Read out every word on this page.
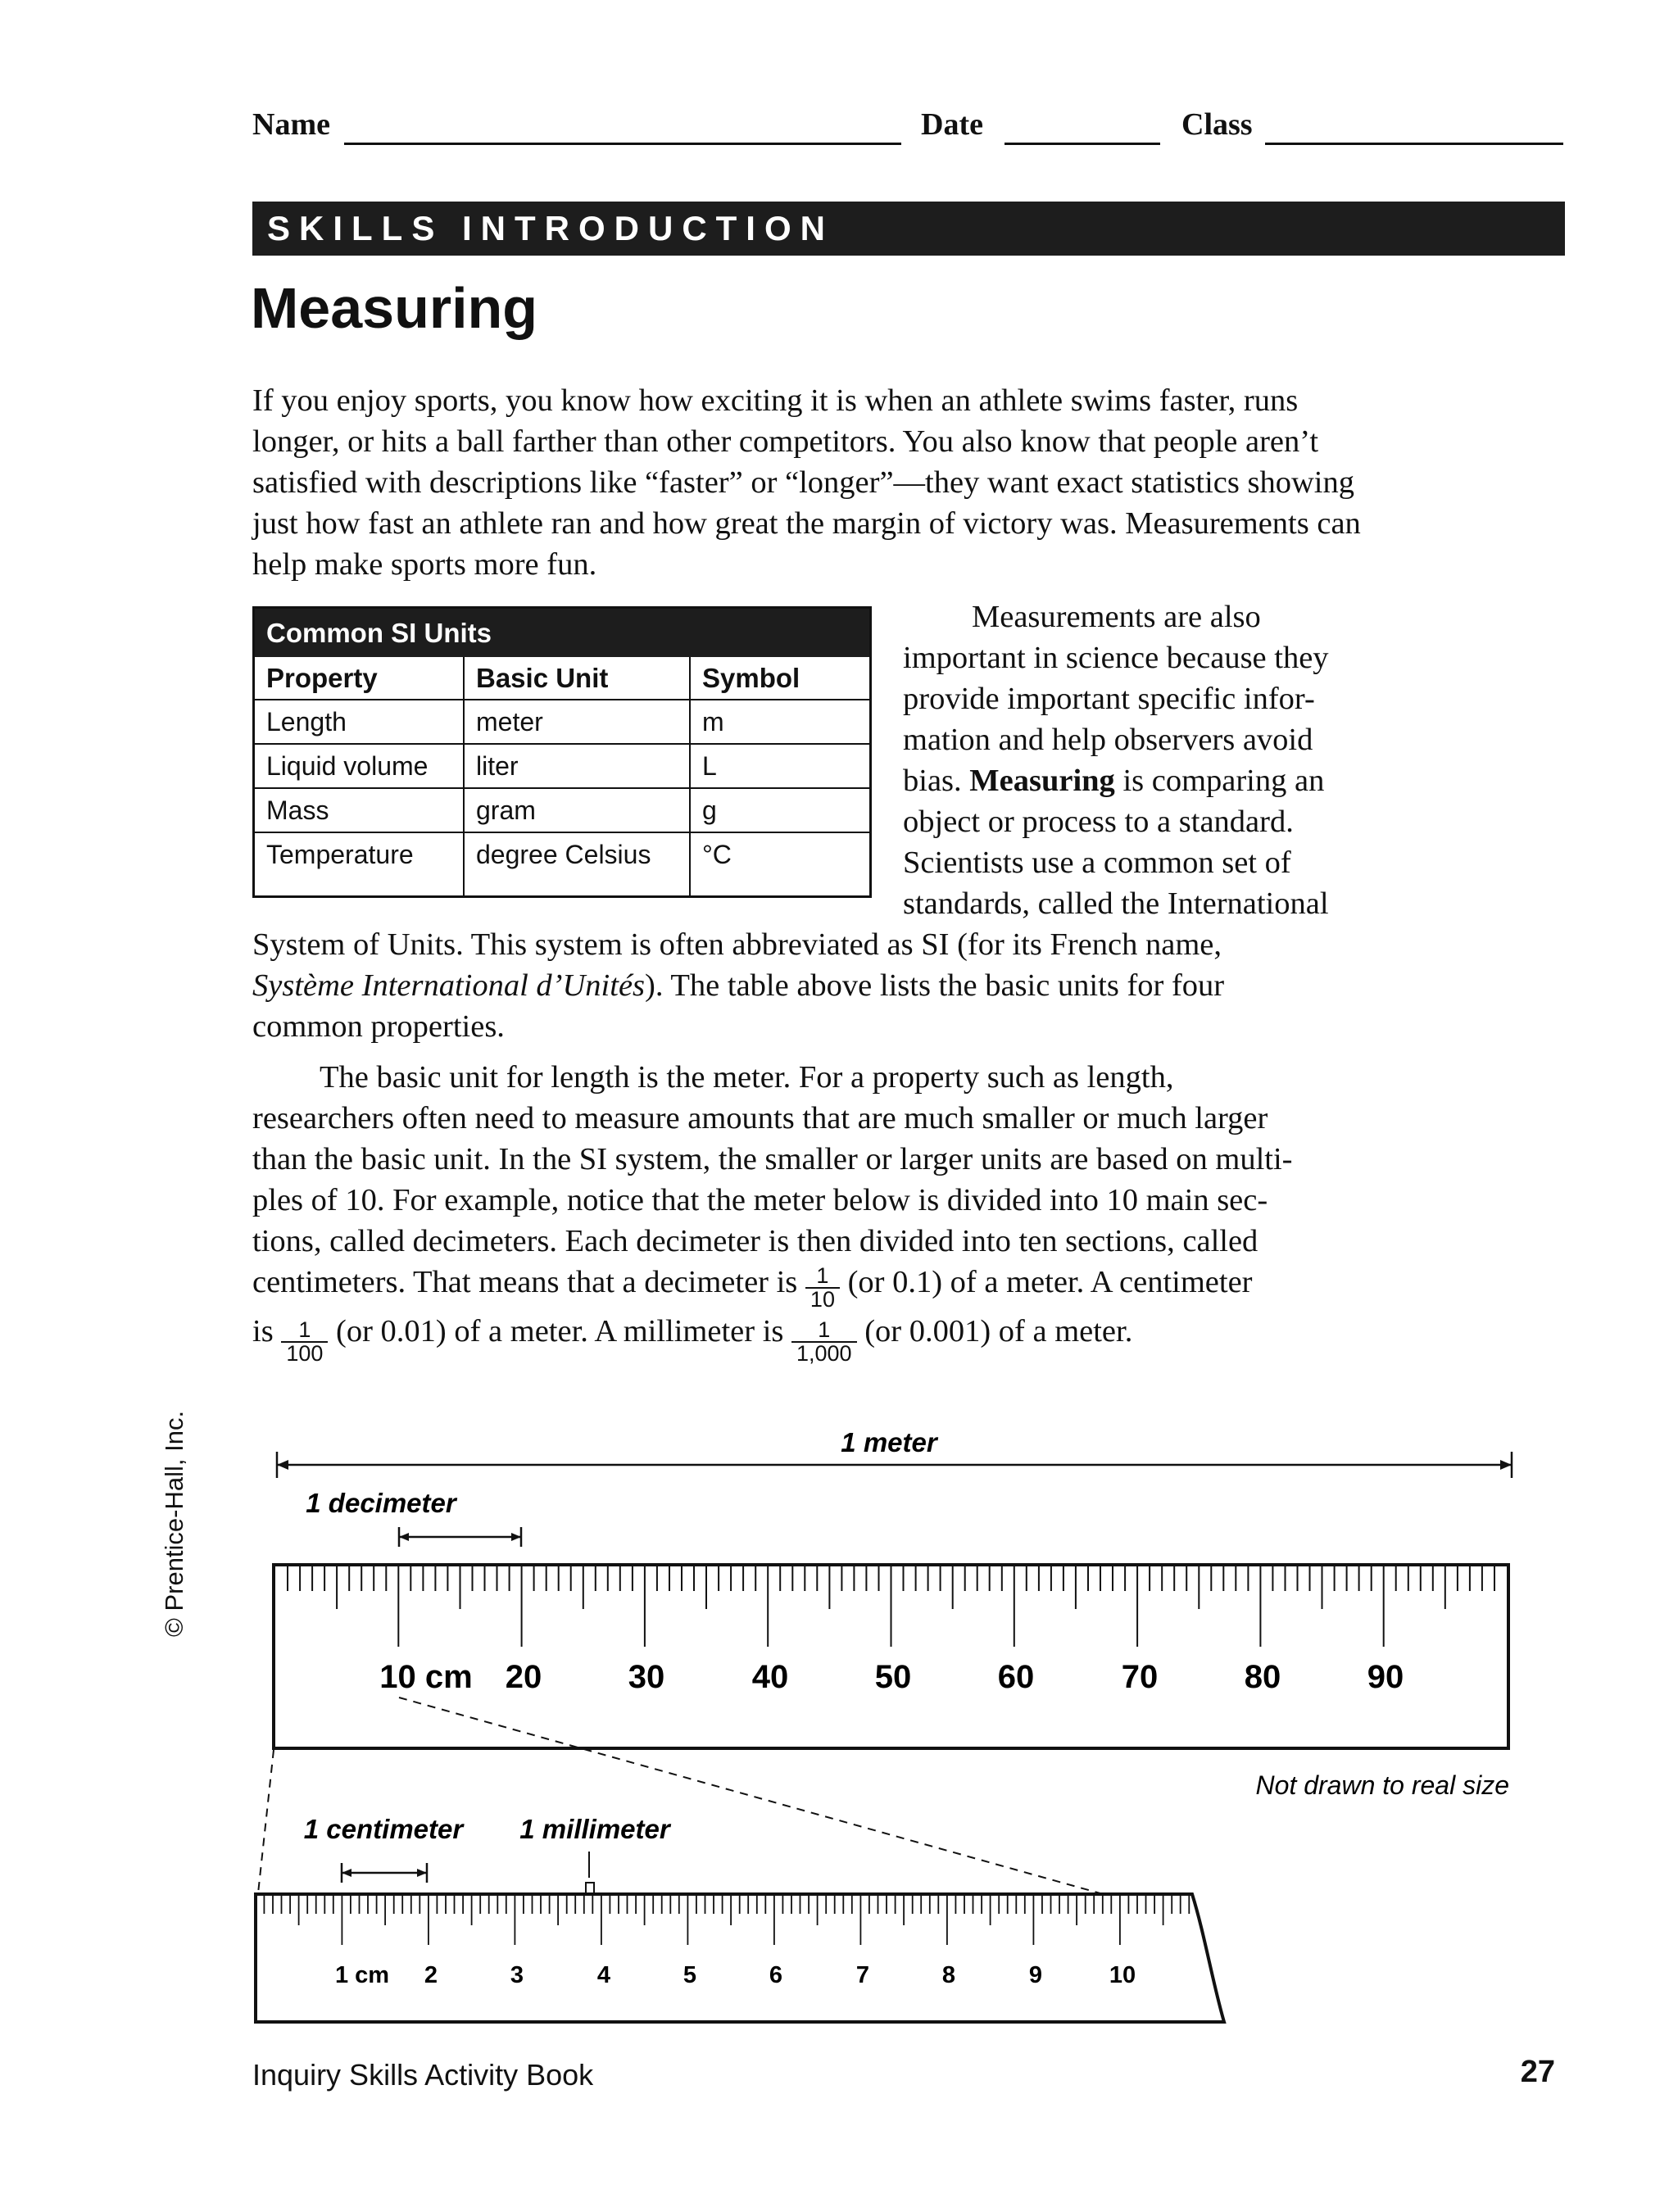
Name	Date	Class
SKILLS INTRODUCTION
Measuring

If you enjoy sports, you know how exciting it is when an athlete swims faster, runs longer, or hits a ball farther than other competitors. You also know that people aren’t satisfied with descriptions like “faster” or “longer”—they want exact statistics showing just how fast an athlete ran and how great the margin of victory was. Measurements can help make sports more fun.

Common SI Units		
Property	Basic Unit	Symbol
Length	meter	m
Liquid volume	liter	L
Mass	gram	g
Temperature	degree Celsius	°C
Measurements are also
important in science because they
provide important specific infor-
mation and help observers avoid
bias. Measuring is comparing an
object or process to a standard.
Scientists use a common set of
standards, called the International
System of Units. This system is often abbreviated as SI (for its French name,
Système International d’Unités). The table above lists the basic units for four
common properties.
The basic unit for length is the meter. For a property such as length,
researchers often need to measure amounts that are much smaller or much larger
than the basic unit. In the SI system, the smaller or larger units are based on multi-
ples of 10. For example, notice that the meter below is divided into 10 main sec-
tions, called decimeters. Each decimeter is then divided into ten sections, called
centimeters. That means that a decimeter is $\frac{1}{10} (or$ 0.1) of a meter. A centimeter
is $\frac{1}{100} (or$ 0.01) of a meter. A millimeter is $\frac{1}{1,000} (or$ 0.001) of a meter.
1 meter
1 decimeter
10 cm 20	30	40	50	60	70	80	90
Not drawn to real size
1 centimeter 1 millimeter
1 cm 2	3	4	5	6	7	8	9	10
© Prentice-Hall, Inc.
Inquiry Skills Activity Book	27
